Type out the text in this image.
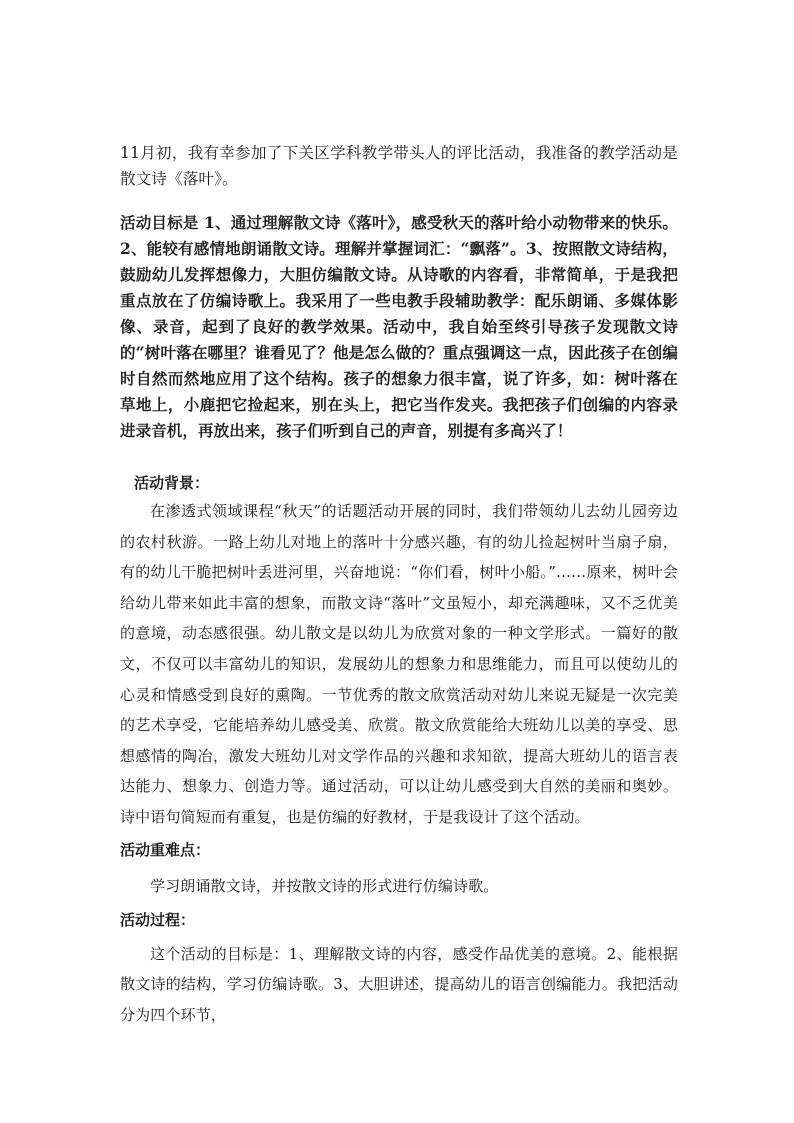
11月初，我有幸参加了下关区学科教学带头人的评比活动，我准备的教学活动是散文诗《落叶》。

活动目标是 1、通过理解散文诗《落叶》，感受秋天的落叶给小动物带来的快乐。2、能较有感情地朗诵散文诗。理解并掌握词汇：“飘落”。3、按照散文诗结构，鼓励幼儿发挥想像力，大胆仿编散文诗。从诗歌的内容看，非常简单，于是我把重点放在了仿编诗歌上。我采用了一些电教手段辅助教学：配乐朗诵、多媒体影像、录音，起到了良好的教学效果。活动中，我自始至终引导孩子发现散文诗的“树叶落在哪里？谁看见了？他是怎么做的？重点强调这一点，因此孩子在创编时自然而然地应用了这个结构。孩子的想象力很丰富，说了许多，如：树叶落在草地上，小鹿把它捡起来，别在头上，把它当作发夹。我把孩子们创编的内容录进录音机，再放出来，孩子们听到自己的声音，别提有多高兴了！

活动背景：

在渗透式领域课程“秋天”的话题活动开展的同时，我们带领幼儿去幼儿园旁边的农村秋游。一路上幼儿对地上的落叶十分感兴趣，有的幼儿捡起树叶当扇子扇，有的幼儿干脆把树叶丢进河里，兴奋地说：“你们看，树叶小船。”……原来，树叶会给幼儿带来如此丰富的想象，而散文诗“落叶”文虽短小，却充满趣味，又不乏优美的意境，动态感很强。幼儿散文是以幼儿为欣赏对象的一种文学形式。一篇好的散文，不仅可以丰富幼儿的知识，发展幼儿的想象力和思维能力，而且可以使幼儿的心灵和情感受到良好的熏陶。一节优秀的散文欣赏活动对幼儿来说无疑是一次完美的艺术享受，它能培养幼儿感受美、欣赏。散文欣赏能给大班幼儿以美的享受、思想感情的陶冶，激发大班幼儿对文学作品的兴趣和求知欲，提高大班幼儿的语言表达能力、想象力、创造力等。通过活动，可以让幼儿感受到大自然的美丽和奥妙。诗中语句简短而有重复，也是仿编的好教材，于是我设计了这个活动。

活动重难点：

学习朗诵散文诗，并按散文诗的形式进行仿编诗歌。

活动过程：

这个活动的目标是：1、理解散文诗的内容，感受作品优美的意境。2、能根据散文诗的结构，学习仿编诗歌。3、大胆讲述，提高幼儿的语言创编能力。我把活动分为四个环节，
